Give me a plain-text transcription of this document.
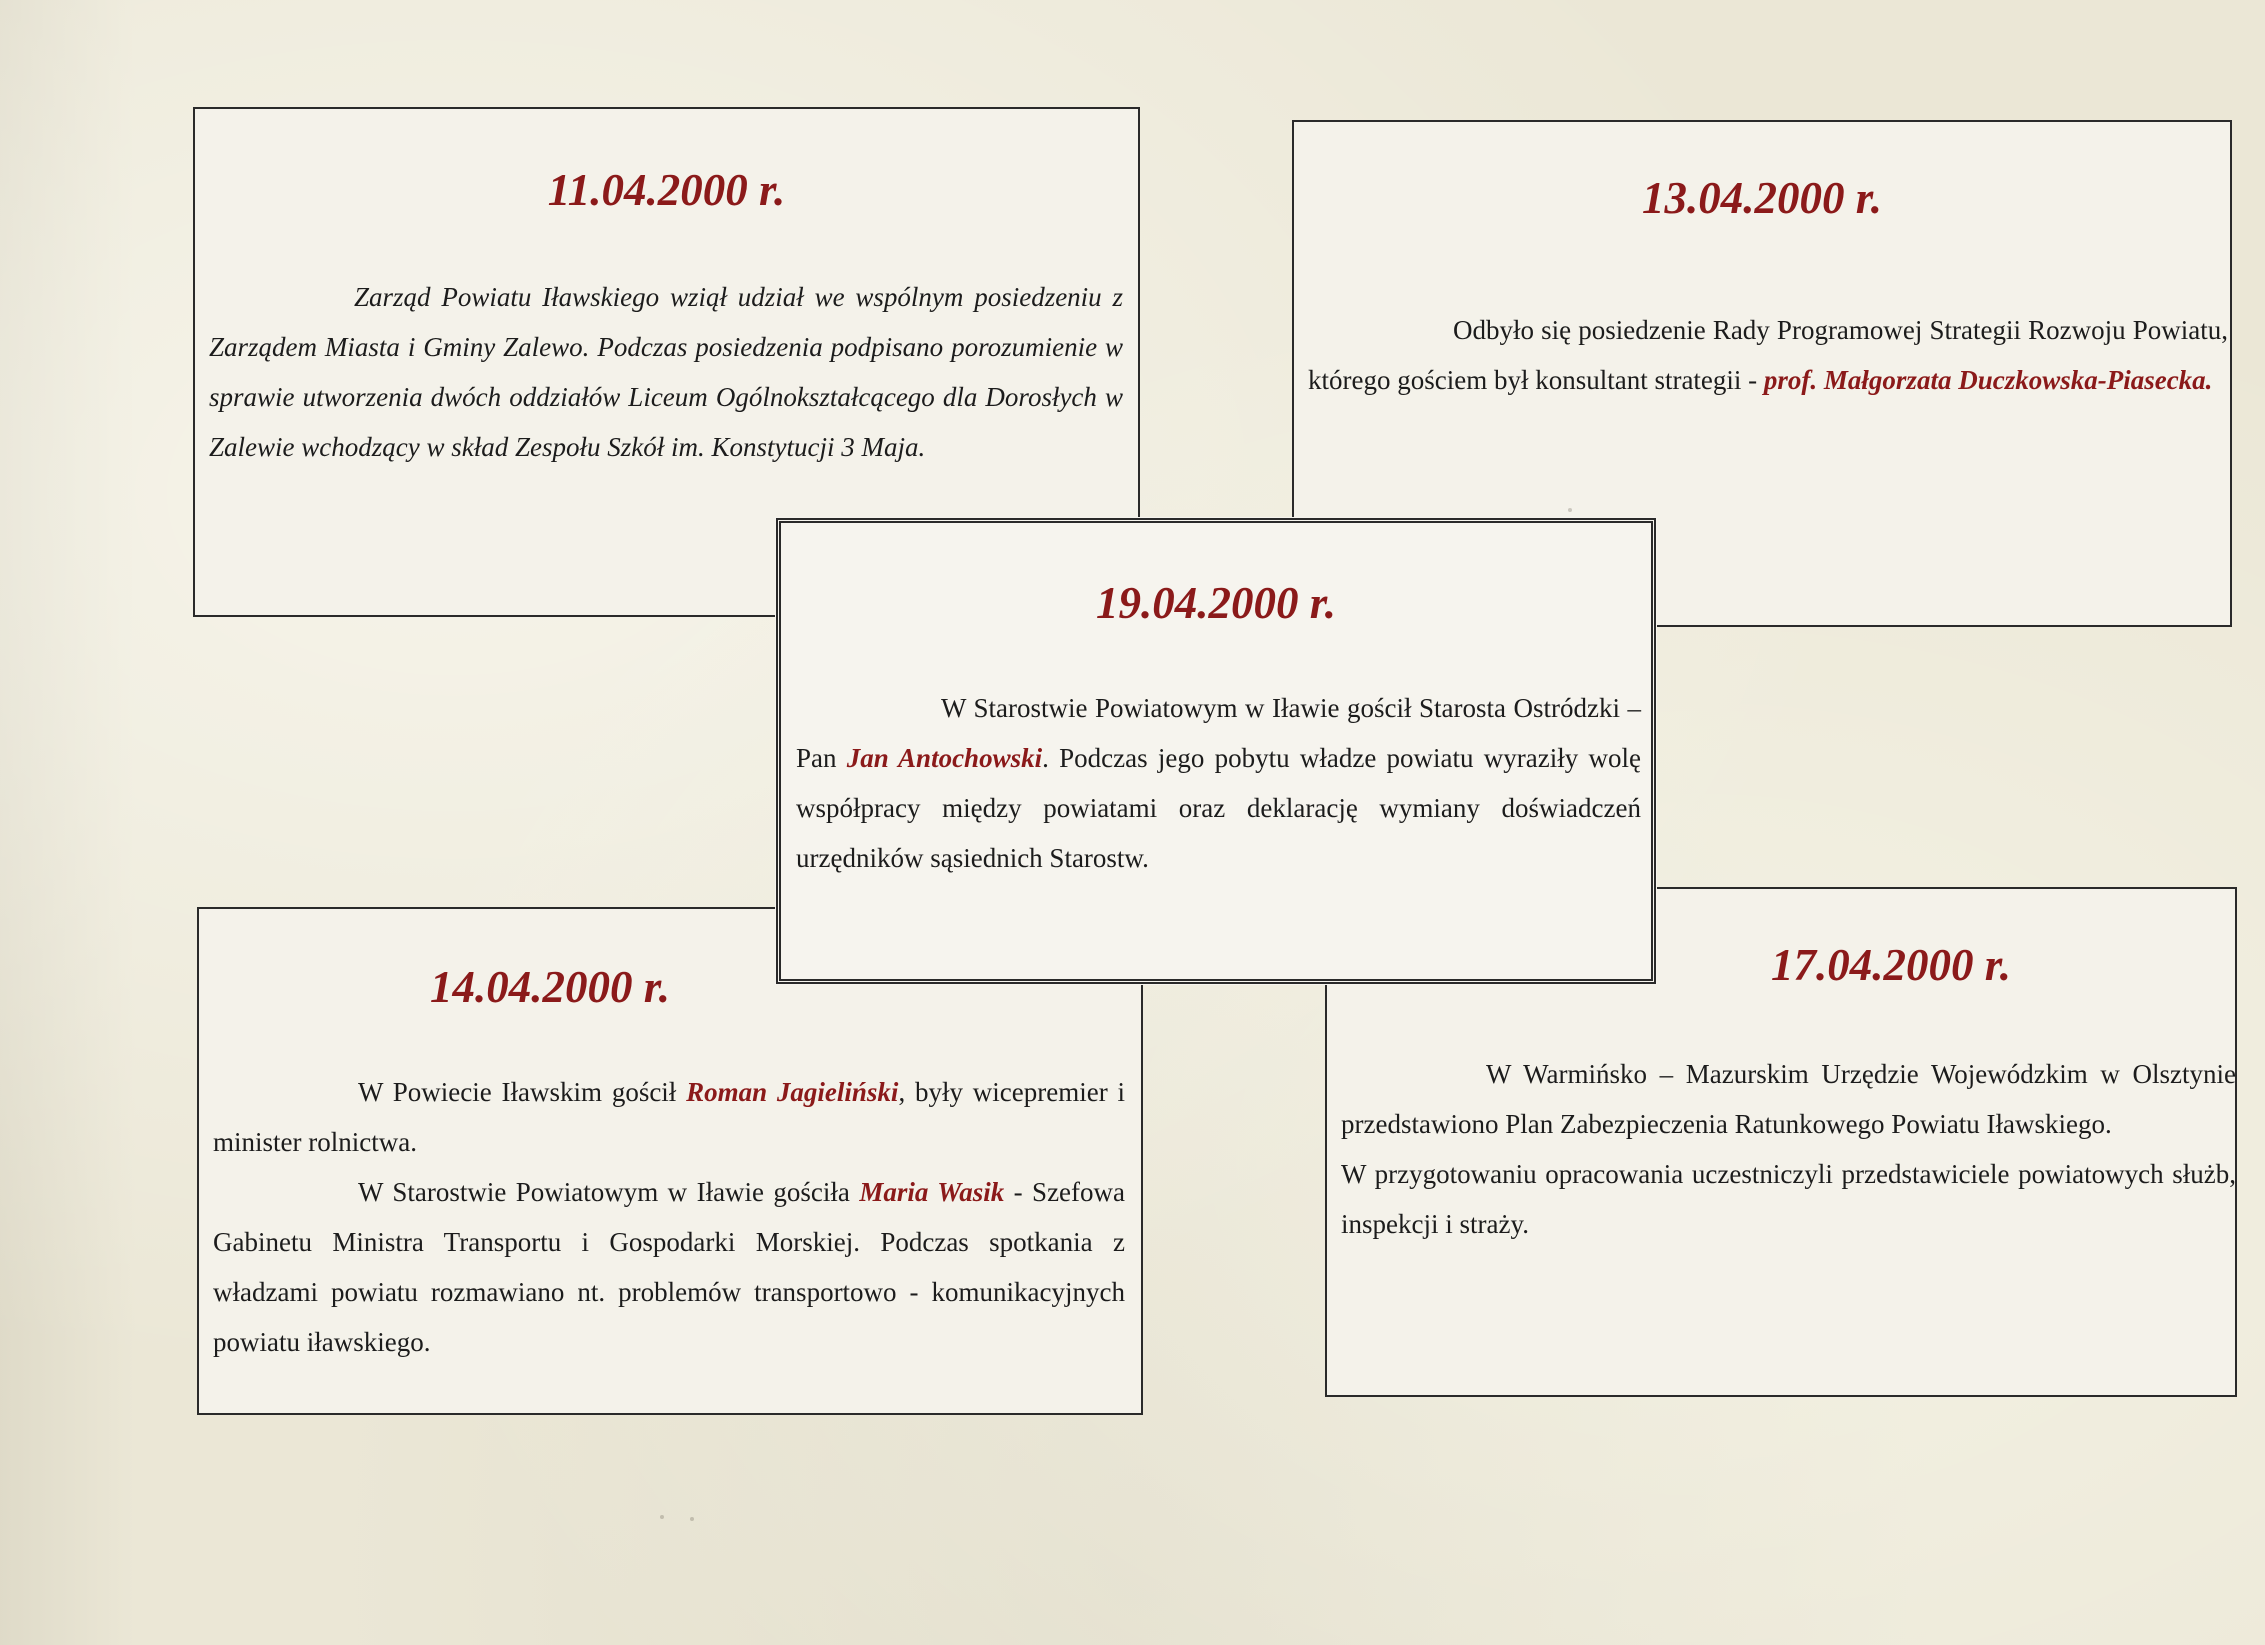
11.04.2000 r.

Zarząd Powiatu Iławskiego wziął udział we wspólnym posiedzeniu z Zarządem Miasta i Gminy Zalewo. Podczas posiedzenia podpisano porozumienie w sprawie utworzenia dwóch oddziałów Liceum Ogólnokształcącego dla Dorosłych w Zalewie wchodzący w skład Zespołu Szkół im. Konstytucji 3 Maja.

13.04.2000 r.

Odbyło się posiedzenie Rady Programowej Strategii Rozwoju Powiatu, którego gościem był konsultant strategii - prof. Małgorzata Duczkowska-Piasecka.

14.04.2000 r.

W Powiecie Iławskim gościł Roman Jagieliński, były wicepremier i minister rolnictwa.

W Starostwie Powiatowym w Iławie gościła Maria Wasik - Szefowa Gabinetu Ministra Transportu i Gospodarki Morskiej. Podczas spotkania z władzami powiatu rozmawiano nt. problemów transportowo - komunikacyjnych powiatu iławskiego.

17.04.2000 r.

W Warmińsko – Mazurskim Urzędzie Wojewódzkim w Olsztynie przedstawiono Plan Zabezpieczenia Ratunkowego Powiatu Iławskiego.

W przygotowaniu opracowania uczestniczyli przedstawiciele powiatowych służb, inspekcji i straży.

19.04.2000 r.

W Starostwie Powiatowym w Iławie gościł Starosta Ostródzki – Pan Jan Antochowski. Podczas jego pobytu władze powiatu wyraziły wolę współpracy między powiatami oraz deklarację wymiany doświadczeń urzędników sąsiednich Starostw.
